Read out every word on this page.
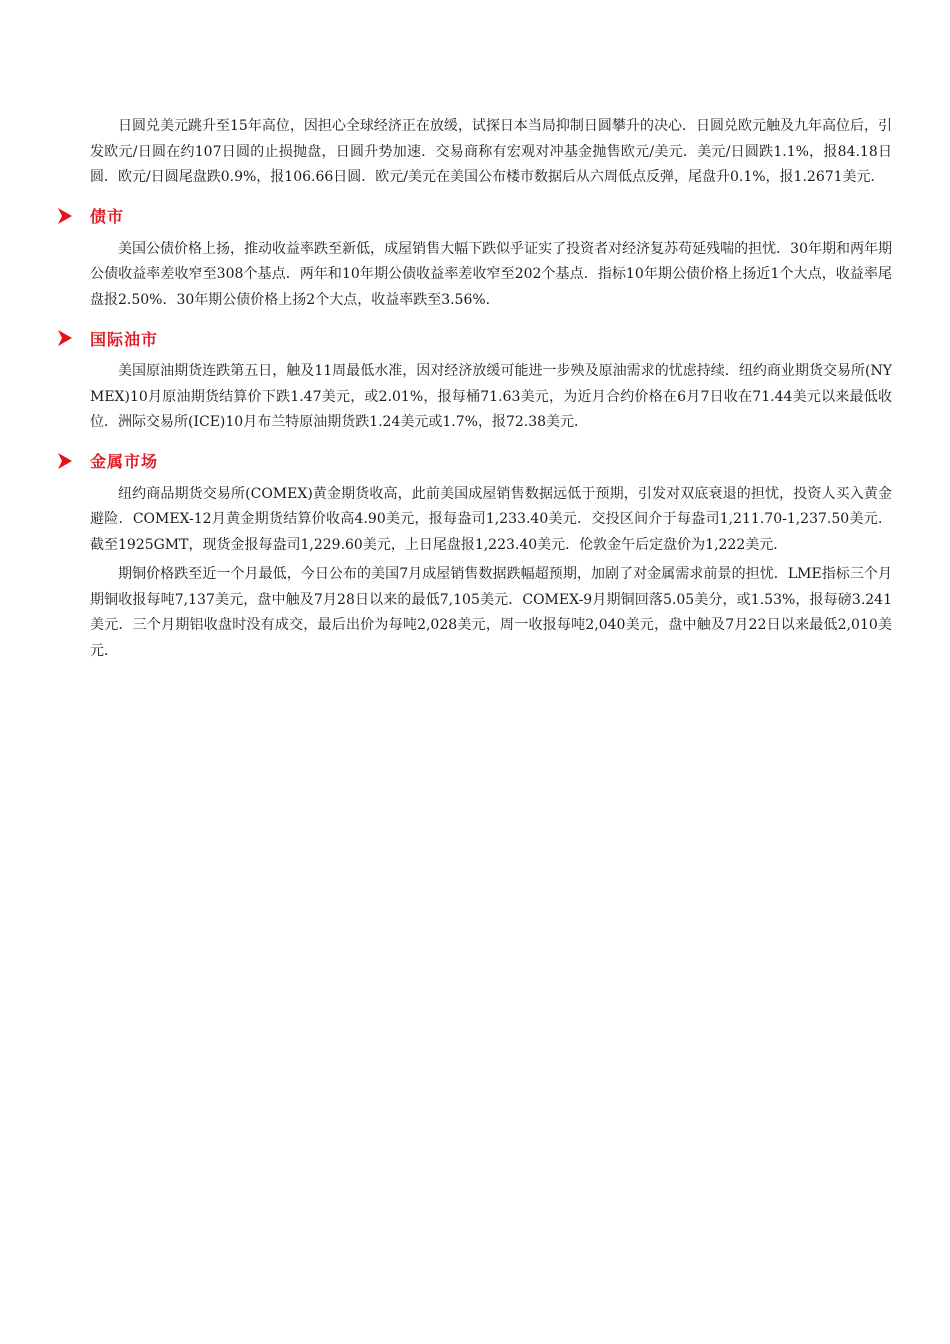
日圆兑美元跳升至15年高位，因担心全球经济正在放缓，试探日本当局抑制日圆攀升的决心．日圆兑欧元触及九年高位后，引发欧元/日圆在约107日圆的止损抛盘，日圆升势加速．交易商称有宏观对冲基金抛售欧元/美元．美元/日圆跌1.1%，报84.18日圆．欧元/日圆尾盘跌0.9%，报106.66日圆．欧元/美元在美国公布楼市数据后从六周低点反弹，尾盘升0.1%，报1.2671美元．

债市

美国公债价格上扬，推动收益率跌至新低，成屋销售大幅下跌似乎证实了投资者对经济复苏苟延残喘的担忧．30年期和两年期公债收益率差收窄至308个基点．两年和10年期公债收益率差收窄至202个基点．指标10年期公债价格上扬近1个大点，收益率尾盘报2.50%．30年期公债价格上扬2个大点，收益率跌至3.56%．

国际油市

美国原油期货连跌第五日，触及11周最低水准，因对经济放缓可能进一步殃及原油需求的忧虑持续．纽约商业期货交易所(NYMEX)10月原油期货结算价下跌1.47美元，或2.01%，报每桶71.63美元，为近月合约价格在6月7日收在71.44美元以来最低收位．洲际交易所(ICE)10月布兰特原油期货跌1.24美元或1.7%，报72.38美元．

金属市场

纽约商品期货交易所(COMEX)黄金期货收高，此前美国成屋销售数据远低于预期，引发对双底衰退的担忧，投资人买入黄金避险．COMEX-12月黄金期货结算价收高4.90美元，报每盎司1,233.40美元．交投区间介于每盎司1,211.70-1,237.50美元．截至1925GMT，现货金报每盎司1,229.60美元，上日尾盘报1,223.40美元．伦敦金午后定盘价为1,222美元．

期铜价格跌至近一个月最低，今日公布的美国7月成屋销售数据跌幅超预期，加剧了对金属需求前景的担忧．LME指标三个月期铜收报每吨7,137美元，盘中触及7月28日以来的最低7,105美元．COMEX-9月期铜回落5.05美分，或1.53%，报每磅3.241美元．三个月期铝收盘时没有成交，最后出价为每吨2,028美元，周一收报每吨2,040美元，盘中触及7月22日以来最低2,010美元．
